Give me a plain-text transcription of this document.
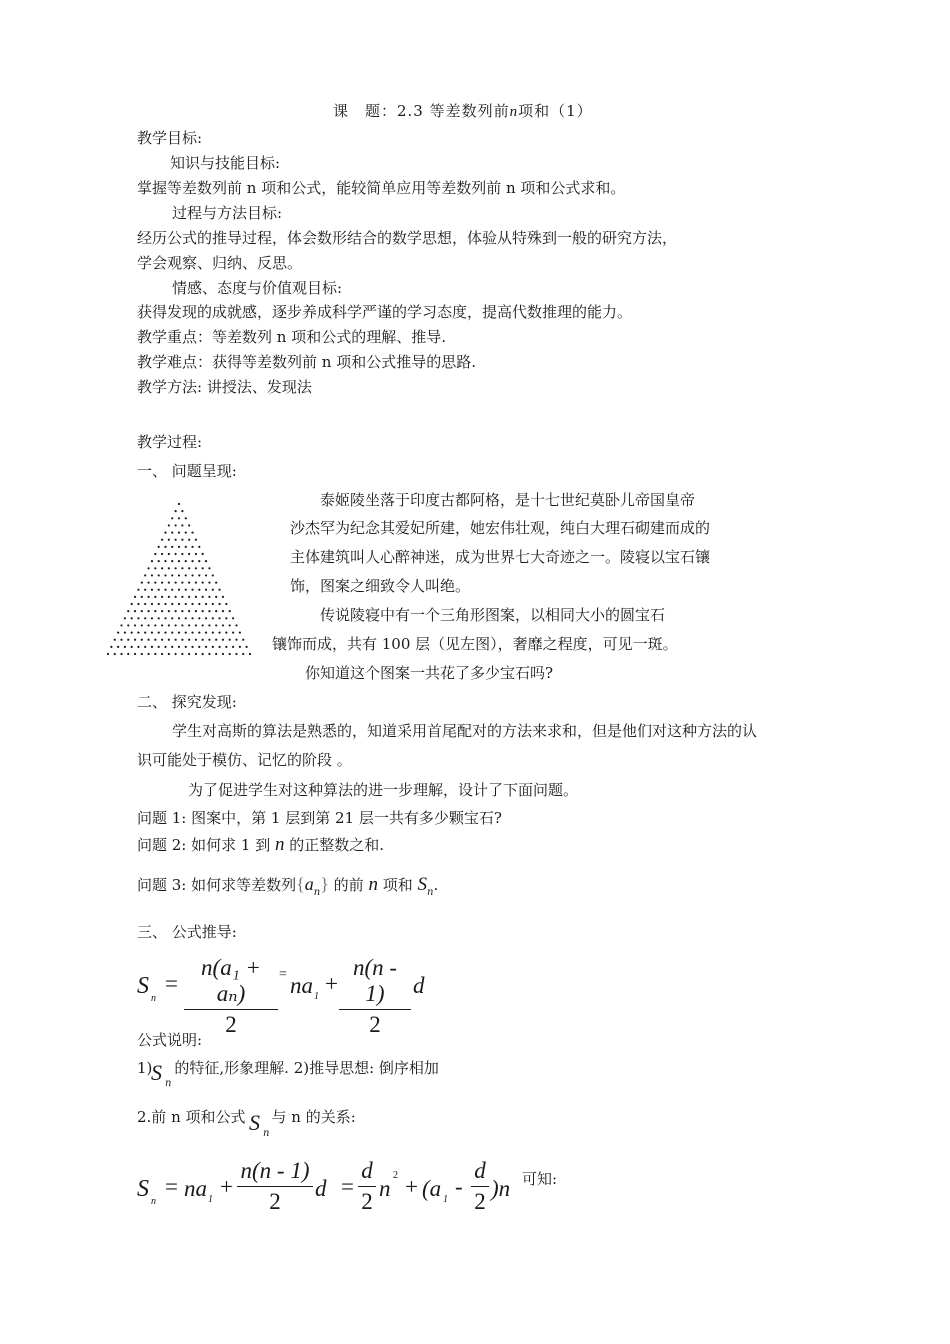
课　题：2.3 等差数列前n项和（1）
教学目标:
知识与技能目标:
掌握等差数列前 n 项和公式，能较简单应用等差数列前 n 项和公式求和。
过程与方法目标:
经历公式的推导过程，体会数形结合的数学思想，体验从特殊到一般的研究方法，
学会观察、归纳、反思。
情感、态度与价值观目标:
获得发现的成就感，逐步养成科学严谨的学习态度，提高代数推理的能力。
教学重点：等差数列 n 项和公式的理解、推导.
教学难点：获得等差数列前 n 项和公式推导的思路.
教学方法: 讲授法、发现法
教学过程:
一、 问题呈现:
泰姬陵坐落于印度古都阿格，是十七世纪莫卧儿帝国皇帝
沙杰罕为纪念其爱妃所建，她宏伟壮观，纯白大理石砌建而成的
主体建筑叫人心醉神迷，成为世界七大奇迹之一。陵寝以宝石镶
饰，图案之细致令人叫绝。
传说陵寝中有一个三角形图案，以相同大小的圆宝石
镶饰而成，共有 100 层（见左图），奢靡之程度，可见一斑。
你知道这个图案一共花了多少宝石吗?
二、 探究发现:
学生对高斯的算法是熟悉的，知道采用首尾配对的方法来求和，但是他们对这种方法的认
识可能处于模仿、记忆的阶段 。
为了促进学生对这种算法的进一步理解，设计了下面问题。
问题 1: 图案中，第 1 层到第 21 层一共有多少颗宝石?
问题 2: 如何求 1 到 n 的正整数之和.
问题 3: 如何求等差数列$\{a_n\}$ 的前 n 项和 $S_n$.
三、 公式推导:
S n
=
n(a₁ + aₙ)
2
= na 1
+
n(n - 1)
2
d
公式说明:
1) 的特征,形象理解. 2)推导思想: 倒序相加
S n
2.前 n 项和公式 与 n 的关系:
S n
S n
= na 1
+
n(n - 1)
2
d =
d
2
n
2 + (a 1
-
d
2
)n 可知:
